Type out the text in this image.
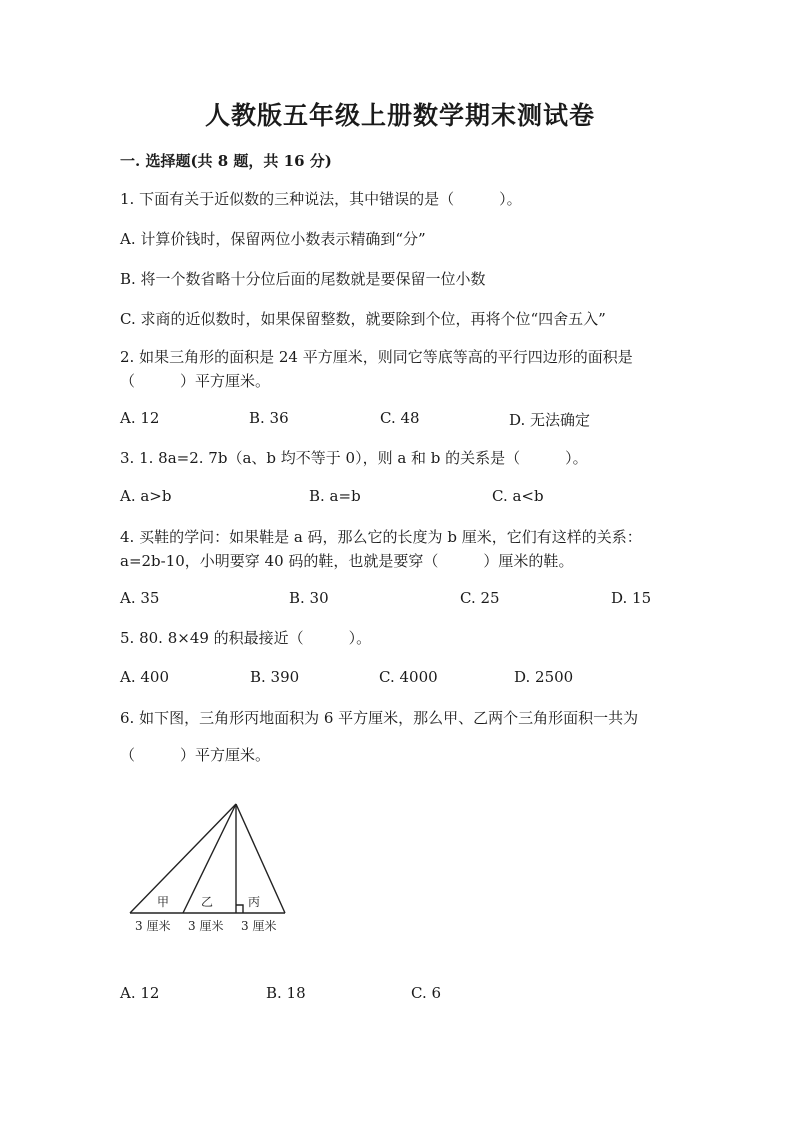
人教版五年级上册数学期末测试卷
一. 选择题(共 8 题，共 16 分)
1. 下面有关于近似数的三种说法，其中错误的是（　　　）。
A. 计算价钱时，保留两位小数表示精确到“分”
B. 将一个数省略十分位后面的尾数就是要保留一位小数
C. 求商的近似数时，如果保留整数，就要除到个位，再将个位“四舍五入”
2. 如果三角形的面积是 24 平方厘米，则同它等底等高的平行四边形的面积是
（　　　）平方厘米。
A. 12	B. 36	C. 48	D. 无法确定
3. 1. 8a=2. 7b（a、b 均不等于 0），则 a 和 b 的关系是（　　　）。
A. a>b	B. a=b	C. a<b
4. 买鞋的学问：如果鞋是 a 码，那么它的长度为 b 厘米，它们有这样的关系：
a=2b-10，小明要穿 40 码的鞋，也就是要穿（　　　）厘米的鞋。
A. 35	B. 30	C. 25	D. 15
5. 80. 8×49 的积最接近（　　　）。
A. 400	B. 390	C. 4000	D. 2500
6. 如下图，三角形丙地面积为 6 平方厘米，那么甲、乙两个三角形面积一共为
（　　　）平方厘米。
甲	乙	丙
3 厘米 3 厘米 3 厘米
A. 12	B. 18	C. 6
